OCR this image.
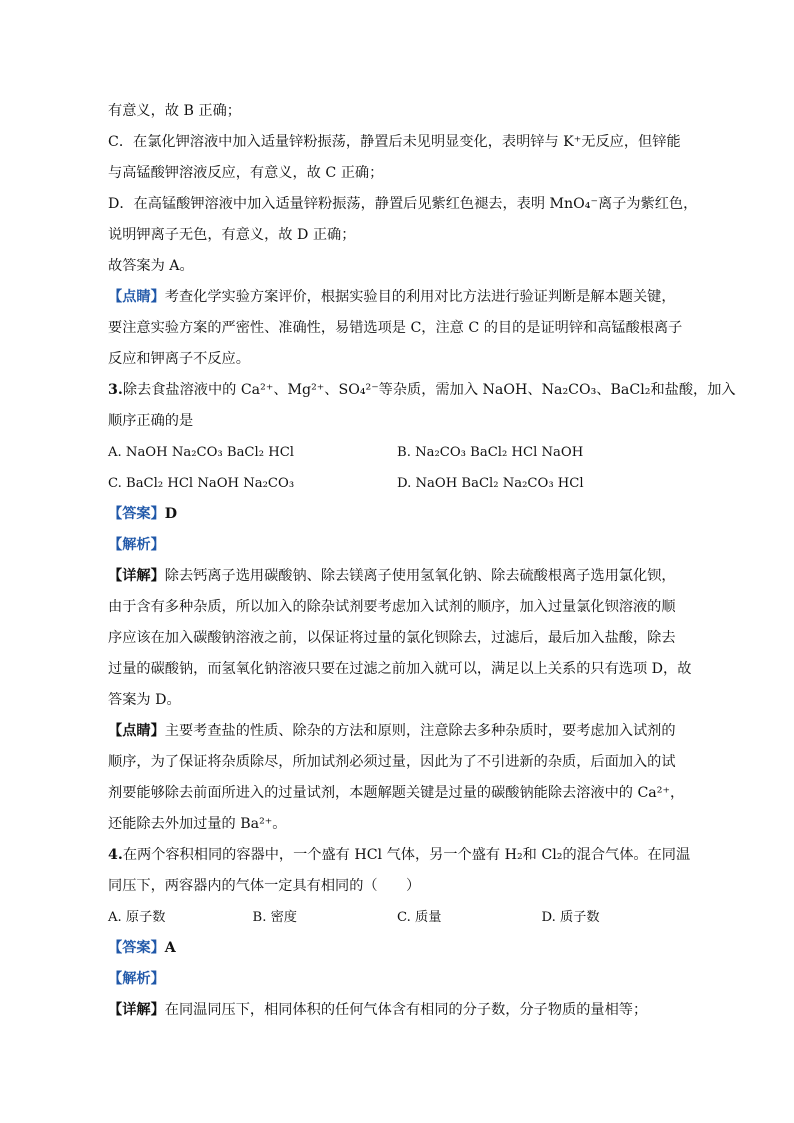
有意义，故 B 正确；
C．在氯化钾溶液中加入适量锌粉振荡，静置后未见明显变化，表明锌与 K⁺无反应，但锌能
与高锰酸钾溶液反应，有意义，故 C 正确；
D．在高锰酸钾溶液中加入适量锌粉振荡，静置后见紫红色褪去，表明 MnO₄⁻离子为紫红色，
说明钾离子无色，有意义，故 D 正确；
故答案为 A。
【点睛】考查化学实验方案评价，根据实验目的利用对比方法进行验证判断是解本题关键，
要注意实验方案的严密性、准确性，易错选项是 C，注意 C 的目的是证明锌和高锰酸根离子
反应和钾离子不反应。
3.除去食盐溶液中的 Ca²⁺、Mg²⁺、SO₄²⁻等杂质，需加入 NaOH、Na₂CO₃、BaCl₂和盐酸，加入
顺序正确的是
A. NaOH Na₂CO₃ BaCl₂ HCl	B. Na₂CO₃ BaCl₂ HCl NaOH
C. BaCl₂ HCl NaOH Na₂CO₃	D. NaOH BaCl₂ Na₂CO₃ HCl
【答案】D
【解析】
【详解】除去钙离子选用碳酸钠、除去镁离子使用氢氧化钠、除去硫酸根离子选用氯化钡，
由于含有多种杂质，所以加入的除杂试剂要考虑加入试剂的顺序，加入过量氯化钡溶液的顺
序应该在加入碳酸钠溶液之前，以保证将过量的氯化钡除去，过滤后，最后加入盐酸，除去
过量的碳酸钠，而氢氧化钠溶液只要在过滤之前加入就可以，满足以上关系的只有选项 D，故
答案为 D。
【点睛】主要考查盐的性质、除杂的方法和原则，注意除去多种杂质时，要考虑加入试剂的
顺序，为了保证将杂质除尽，所加试剂必须过量，因此为了不引进新的杂质，后面加入的试
剂要能够除去前面所进入的过量试剂，本题解题关键是过量的碳酸钠能除去溶液中的 Ca²⁺，
还能除去外加过量的 Ba²⁺。
4.在两个容积相同的容器中，一个盛有 HCl 气体，另一个盛有 H₂和 Cl₂的混合气体。在同温
同压下，两容器内的气体一定具有相同的（　　）
A. 原子数	B. 密度	C. 质量	D. 质子数
【答案】A
【解析】
【详解】在同温同压下，相同体积的任何气体含有相同的分子数，分子物质的量相等；
